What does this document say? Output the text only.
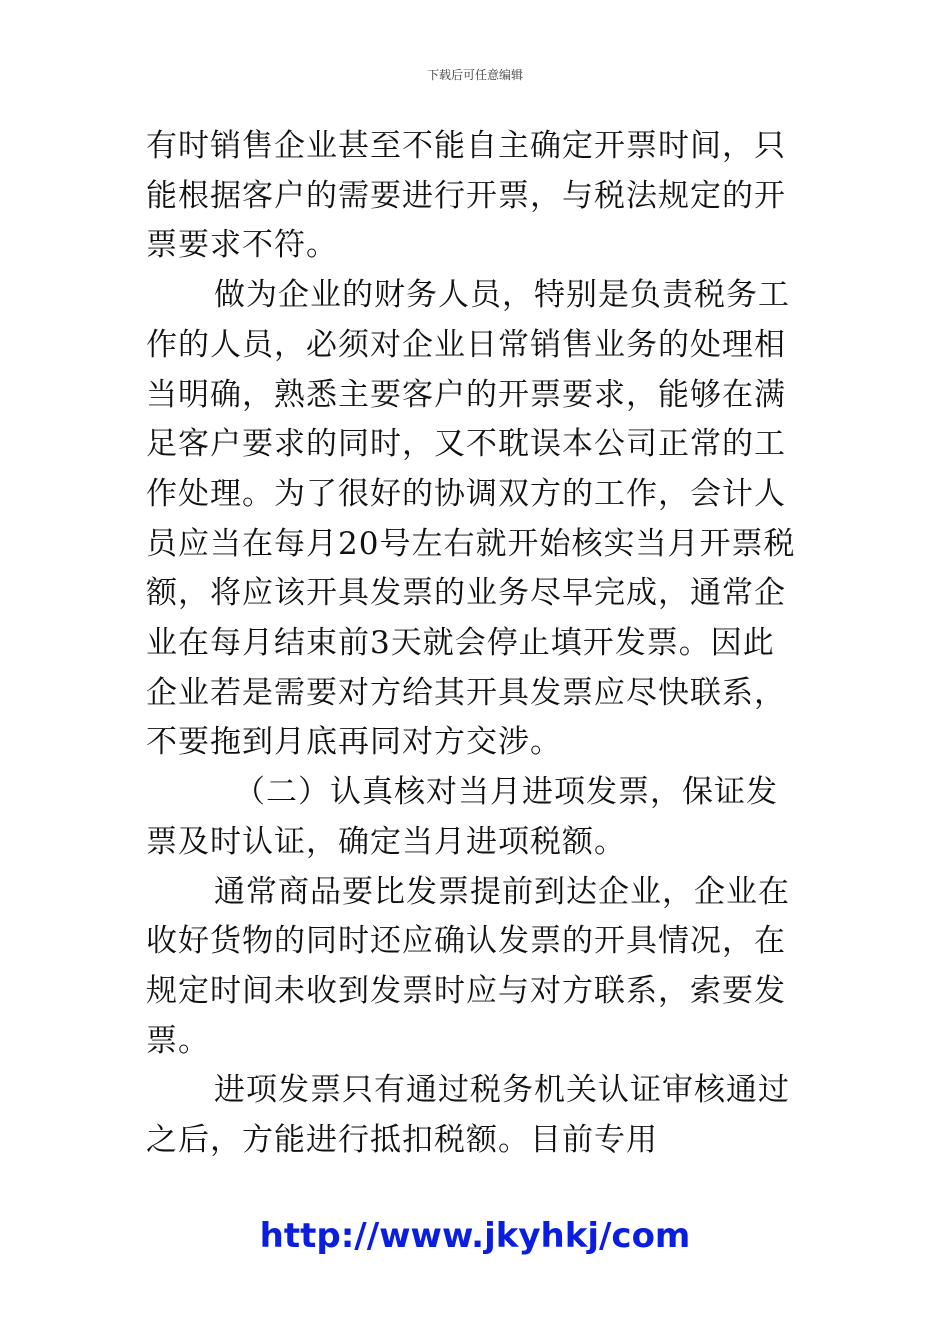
下载后可任意编辑

有时销售企业甚至不能自主确定开票时间，只能根据客户的需要进行开票，与税法规定的开票要求不符。

做为企业的财务人员，特别是负责税务工作的人员，必须对企业日常销售业务的处理相当明确，熟悉主要客户的开票要求，能够在满足客户要求的同时，又不耽误本公司正常的工作处理。为了很好的协调双方的工作，会计人员应当在每月20号左右就开始核实当月开票税额，将应该开具发票的业务尽早完成，通常企业在每月结束前3天就会停止填开发票。因此企业若是需要对方给其开具发票应尽快联系，不要拖到月底再同对方交涉。

（二）认真核对当月进项发票，保证发票及时认证，确定当月进项税额。

通常商品要比发票提前到达企业，企业在收好货物的同时还应确认发票的开具情况，在规定时间未收到发票时应与对方联系，索要发票。

进项发票只有通过税务机关认证审核通过之后，方能进行抵扣税额。目前专用

http://www.jkyhkj/com
